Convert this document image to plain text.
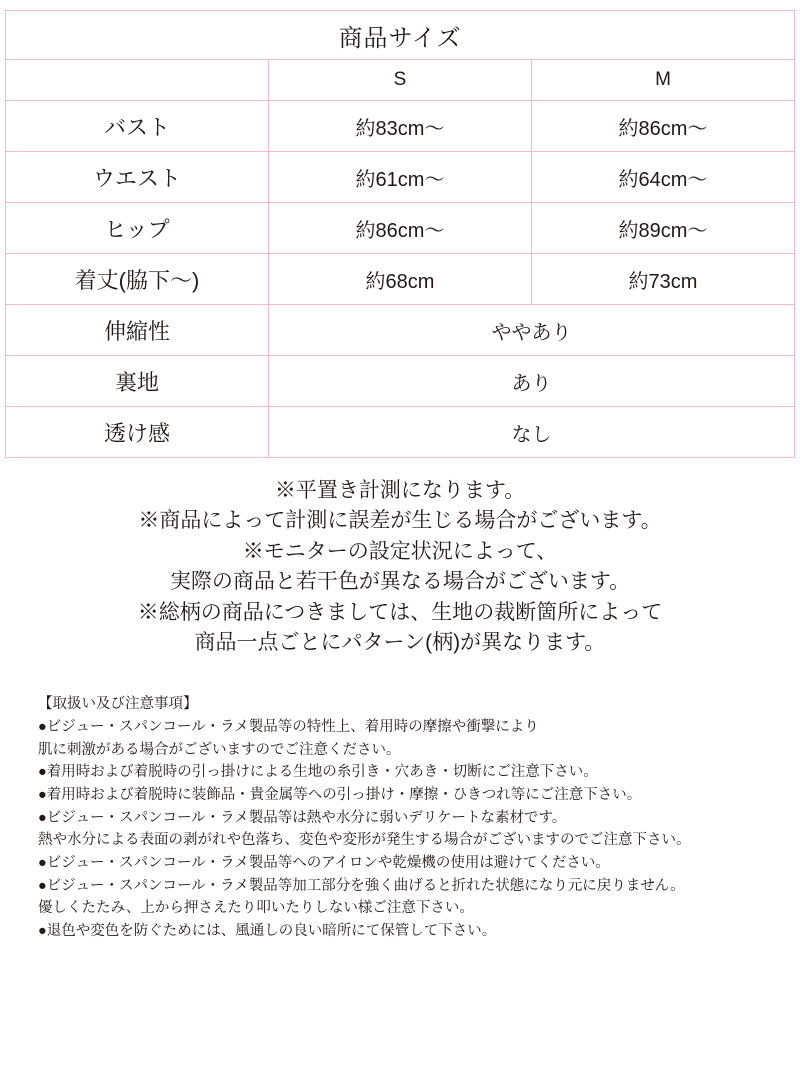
商品サイズ		
	S	M
バスト	約83cm〜	約86cm〜
ウエスト	約61cm〜	約64cm〜
ヒップ	約86cm〜	約89cm〜
着丈(脇下〜)	約68cm	約73cm
伸縮性	ややあり	
裏地	あり	
透け感	なし	
※平置き計測になります。
※商品によって計測に誤差が生じる場合がございます。
※モニターの設定状況によって、
実際の商品と若干色が異なる場合がございます。
※総柄の商品につきましては、生地の裁断箇所によって
商品一点ごとにパターン(柄)が異なります。
【取扱い及び注意事項】
●ビジュー・スパンコール・ラメ製品等の特性上、着用時の摩擦や衝撃により
肌に刺激がある場合がございますのでご注意ください。
●着用時および着脱時の引っ掛けによる生地の糸引き・穴あき・切断にご注意下さい。
●着用時および着脱時に装飾品・貴金属等への引っ掛け・摩擦・ひきつれ等にご注意下さい。
●ビジュー・スパンコール・ラメ製品等は熱や水分に弱いデリケートな素材です。
熱や水分による表面の剥がれや色落ち、変色や変形が発生する場合がございますのでご注意下さい。
●ビジュー・スパンコール・ラメ製品等へのアイロンや乾燥機の使用は避けてください。
●ビジュー・スパンコール・ラメ製品等加工部分を強く曲げると折れた状態になり元に戻りません。
優しくたたみ、上から押さえたり叩いたりしない様ご注意下さい。
●退色や変色を防ぐためには、風通しの良い暗所にて保管して下さい。
